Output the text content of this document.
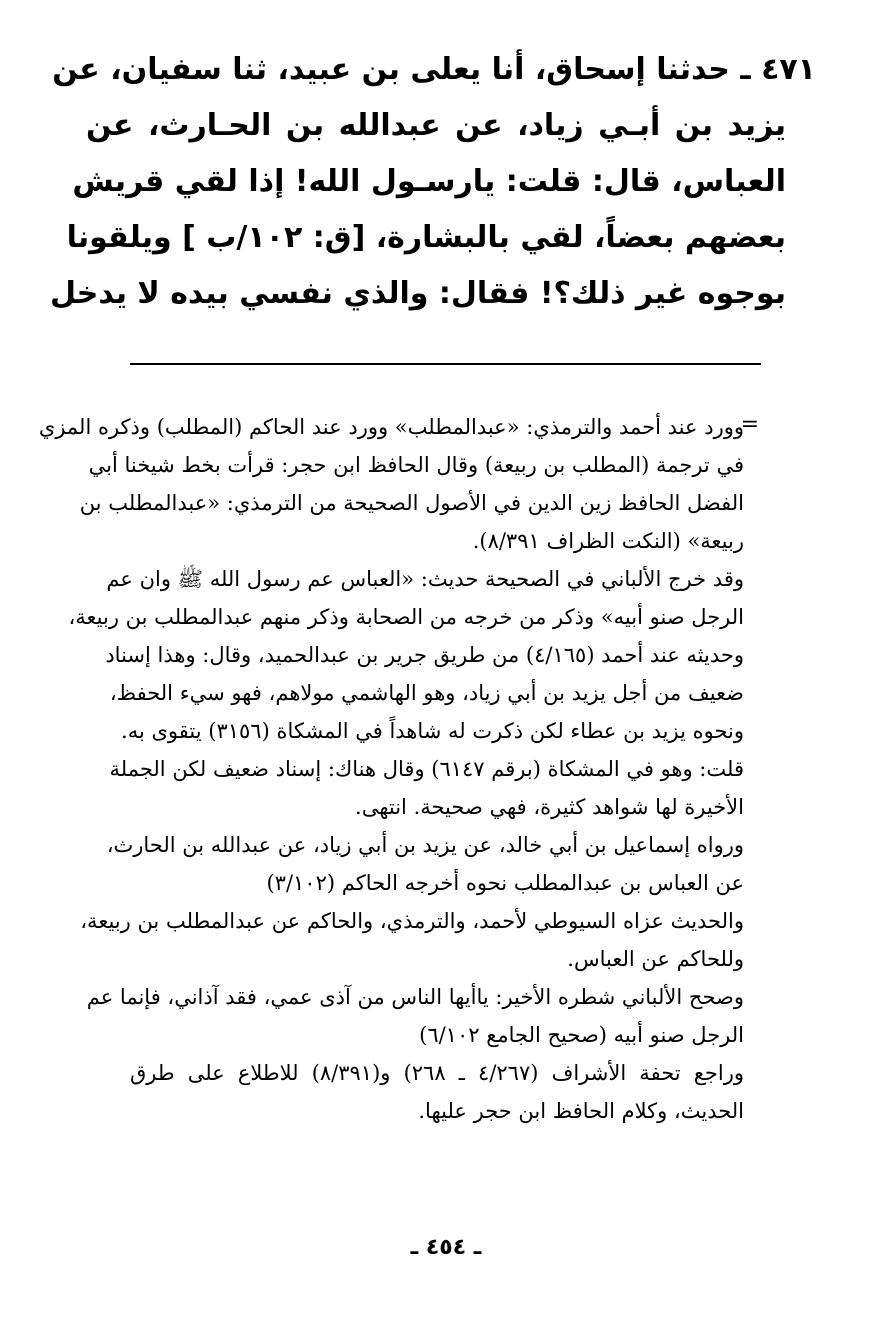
٤٧١ ـ حدثنا إسحاق، أنا يعلى بن عبيد، ثنا سفيان، عن
يزيد بن أبـي زياد، عن عبدالله بن الحـارث، عن
العباس، قال: قلت: يارسـول الله! إذا لقي قريش
بعضهم بعضاً، لقي بالبشارة، [ق: ١٠٢/ب ] ويلقونا
بوجوه غير ذلك؟! فقال: والذي نفسي بيده لا يدخل
=
وورد عند أحمد والترمذي: «عبدالمطلب» وورد عند الحاكم (المطلب) وذكره المزي
في ترجمة (المطلب بن ربيعة) وقال الحافظ ابن حجر: قرأت بخط شيخنا أبي
الفضل الحافظ زين الدين في الأصول الصحيحة من الترمذي: «عبدالمطلب بن
ربيعة» (النكت الظراف ٨/٣٩١).
وقد خرج الألباني في الصحيحة حديث: «العباس عم رسول الله ﷺ وان عم
الرجل صنو أبيه» وذكر من خرجه من الصحابة وذكر منهم عبدالمطلب بن ربيعة،
وحديثه عند أحمد (٤/١٦٥) من طريق جرير بن عبدالحميد، وقال: وهذا إسناد
ضعيف من أجل يزيد بن أبي زياد، وهو الهاشمي مولاهم، فهو سيء الحفظ،
ونحوه يزيد بن عطاء لكن ذكرت له شاهداً في المشكاة (٣١٥٦) يتقوى به.
قلت: وهو في المشكاة (برقم ٦١٤٧) وقال هناك: إسناد ضعيف لكن الجملة
الأخيرة لها شواهد كثيرة، فهي صحيحة. انتهى.
ورواه إسماعيل بن أبي خالد، عن يزيد بن أبي زياد، عن عبدالله بن الحارث،
عن العباس بن عبدالمطلب نحوه أخرجه الحاكم (٣/١٠٢)
والحديث عزاه السيوطي لأحمد، والترمذي، والحاكم عن عبدالمطلب بن ربيعة،
وللحاكم عن العباس.
وصحح الألباني شطره الأخير: ياأيها الناس من آذى عمي، فقد آذاني، فإنما عم
الرجل صنو أبيه (صحيح الجامع ٦/١٠٢)
وراجع تحفة الأشراف (٤/٢٦٧ ـ ٢٦٨) و(٨/٣٩١) للاطلاع على طرق
الحديث، وكلام الحافظ ابن حجر عليها.
ـ ٤٥٤ ـ
